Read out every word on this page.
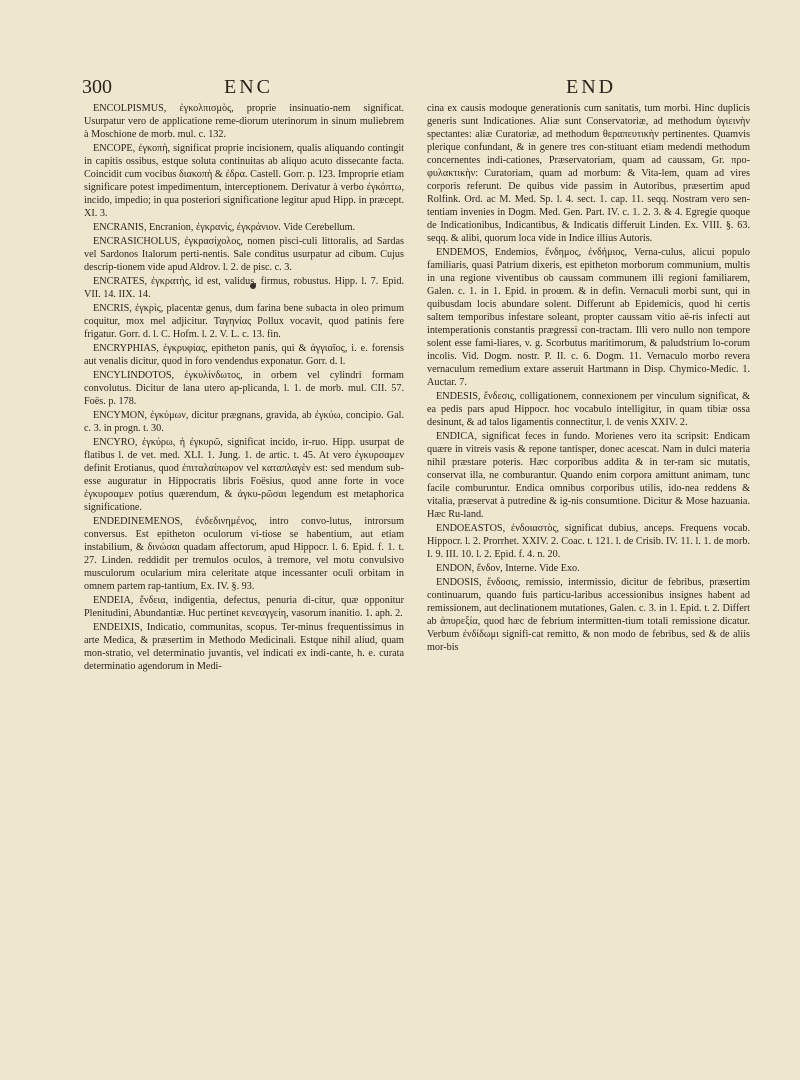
300	ENC	END

ENCOLPISMUS, ἐγκολπισμὸς, proprie insinuatio-nem significat. Usurpatur vero de applicatione reme-diorum uterinorum in sinum muliebrem à Moschione de morb. mul. c. 132.

ENCOPE, ἐγκοπὴ, significat proprie incisionem, qualis aliquando contingit in capitis ossibus, estque soluta continuitas ab aliquo acuto dissecante facta. Coincidit cum vocibus διακοπὴ & ἐδρα. Castell. Gorr. p. 123. Improprie etiam significare potest impedimentum, interceptionem. Derivatur à verbo ἐγκόπτω, incido, impedio; in qua posteriori significatione legitur apud Hipp. in præcept. XI. 3.

ENCRANIS, Encranion, ἐγκρανὶς, ἐγκράνιον. Vide Cerebellum.

ENCRASICHOLUS, ἐγκρασίχολος, nomen pisci-culi littoralis, ad Sardas vel Sardonos Italorum perti-nentis. Sale conditus usurpatur ad cibum. Cujus descrip-tionem vide apud Aldrov. l. 2. de pisc. c. 3.

ENCRATES, ἐγκρατὴς, id est, validus, firmus, robustus. Hipp. l. 7. Epid. VII. 14. IIX. 14.

ENCRIS, ἐγκρὶς, placentæ genus, dum farina bene subacta in oleo primum coquitur, mox mel adjicitur. Ταγηνίας Pollux vocavit, quod patinis fere frigatur. Gorr. d. l. C. Hofm. l. 2. V. L. c. 13. fin.

ENCRYPHIAS, ἐγκρυφίας, epitheton panis, qui & ἀγγιαῖος, i. e. forensis aut venalis dicitur, quod in foro vendendus exponatur. Gorr. d. l.

ENCYLINDOTOS, ἐγκυλίνδωτος, in orbem vel cylindri formam convolutus. Dicitur de lana utero ap-plicanda, l. 1. de morb. mul. CII. 57. Foës. p. 178.

ENCYMON, ἐγκύμων, dicitur prægnans, gravida, ab ἐγκύω, concipio. Gal. c. 3. in progn. t. 30.

ENCYRO, ἐγκύρω, ἡ ἐγκυρῶ, significat incido, ir-ruo. Hipp. usurpat de flatibus l. de vet. med. XLI. 1. Jung. 1. de artic. t. 45. At vero ἐγκυρσαμεν definit Erotianus, quod ἐπιταλαίπωρον vel καταπλαγὲν est: sed mendum sub-esse auguratur in Hippocratis libris Foësius, quod anne forte in voce ἐγκυρσαμεν potius quærendum, & ἀγκυ-ρῶσαι legendum est metaphorica significatione.

ENDEDINEMENOS, ἐνδεδινημένος, intro convo-lutus, introrsum conversus. Est epitheton oculorum vi-tiose se habentium, aut etiam instabilium, & δινώσαι quadam affectorum, apud Hippocr. l. 6. Epid. f. 1. t. 27. Linden. reddidit per tremulos oculos, à tremore, vel motu convulsivo musculorum ocularium mira celeritate atque incessanter oculi orbitam in omnem partem rap-tantium, Ex. IV. §. 93.

ENDEIA, ἔνδεια, indigentia, defectus, penuria di-citur, quæ opponitur Plenitudini, Abundantiæ. Huc pertinet κενεαγγείη, vasorum inanitio. 1. aph. 2.

ENDEIXIS, Indicatio, communitas, scopus. Ter-minus frequentissimus in arte Medica, & præsertim in Methodo Medicinali. Estque nihil aliud, quam mon-stratio, vel determinatio juvantis, vel indicati ex indi-cante, h. e. curata determinatio agendorum in Medi-

cina ex causis modoque generationis cum sanitatis, tum morbi. Hinc duplicis generis sunt Indicationes. Aliæ sunt Conservatoriæ, ad methodum ὑγιεινὴν spectantes: aliæ Curatoriæ, ad methodum θεραπευτικὴν pertinentes. Quamvis plerique confundant, & in genere tres con-stituant etiam medendi methodum concernentes indi-cationes, Præservatoriam, quam ad caussam, Gr. προ-φυλακτικὴν: Curatoriam, quam ad morbum: & Vita-lem, quam ad vires corporis referunt. De quibus vide passim in Autoribus, præsertim apud Rolfink. Ord. ac M. Med. Sp. l. 4. sect. 1. cap. 11. seqq. Nostram vero sen-tentiam invenies in Dogm. Med. Gen. Part. IV. c. 1. 2. 3. & 4. Egregie quoque de Indicationibus, Indicantibus, & Indicatis differuit Linden. Ex. VIII. §. 63. seqq. & alibi, quorum loca vide in Indice illius Autoris.

ENDEMOS, Endemios, ἔνδημος, ἐνδήμιος, Verna-culus, alicui populo familiaris, quasi Patrium dixeris, est epitheton morborum communium, multis in una regione viventibus ob caussam communem illi regioni familiarem, Galen. c. 1. in 1. Epid. in proœm. & in defin. Vernaculi morbi sunt, qui in quibusdam locis abundare solent. Differunt ab Epidemicis, quod hi certis saltem temporibus infestare soleant, propter caussam vitio aë-ris infecti aut intemperationis constantis prægressi con-tractam. Illi vero nullo non tempore solent esse fami-liares, v. g. Scorbutus maritimorum, & paludstrium lo-corum incolis. Vid. Dogm. nostr. P. II. c. 6. Dogm. 11. Vernaculo morbo revera vernaculum remedium extare asseruit Hartmann in Disp. Chymico-Medic. 1. Auctar. 7.

ENDESIS, ἔνδεσις, colligationem, connexionem per vinculum significat, & ea pedis pars apud Hippocr. hoc vocabulo intelligitur, in quam tibiæ ossa desinunt, & ad talos ligamentis connectitur, l. de venis XXIV. 2.

ENDICA, significat feces in fundo. Morienes vero ita scripsit: Endicam quære in vitreis vasis & repone tantisper, donec acescat. Nam in dulci materia nihil præstare poteris. Hæc corporibus addita & in ter-ram sic mutatis, conservat illa, ne comburantur. Quando enim corpora amittunt animam, tunc facile comburuntur. Endica omnibus corporibus utilis, ido-nea reddens & vitalia, præservat à putredine & ig-nis consumtione. Dicitur & Mose hazuania. Hæc Ru-land.

ENDOEASTOS, ἐνδοιαστὸς, significat dubius, anceps. Frequens vocab. Hippocr. l. 2. Prorrhet. XXIV. 2. Coac. t. 121. l. de Crisib. IV. 11. l. 1. de morb. I. 9. III. 10. l. 2. Epid. f. 4. n. 20.

ENDON, ἔνδον, Interne. Vide Exo.

ENDOSIS, ἔνδοσις, remissio, intermissio, dicitur de febribus, præsertim continuarum, quando fuis particu-laribus accessionibus insignes habent ad remissionem, aut declinationem mutationes, Galen. c. 3. in 1. Epid. t. 2. Differt ab ἀπυρεξία, quod hæc de febrium intermitten-tium totali remissione dicatur. Verbum ἐνδίδωμι signifi-cat remitto, & non modo de febribus, sed & de aliis mor-bis
